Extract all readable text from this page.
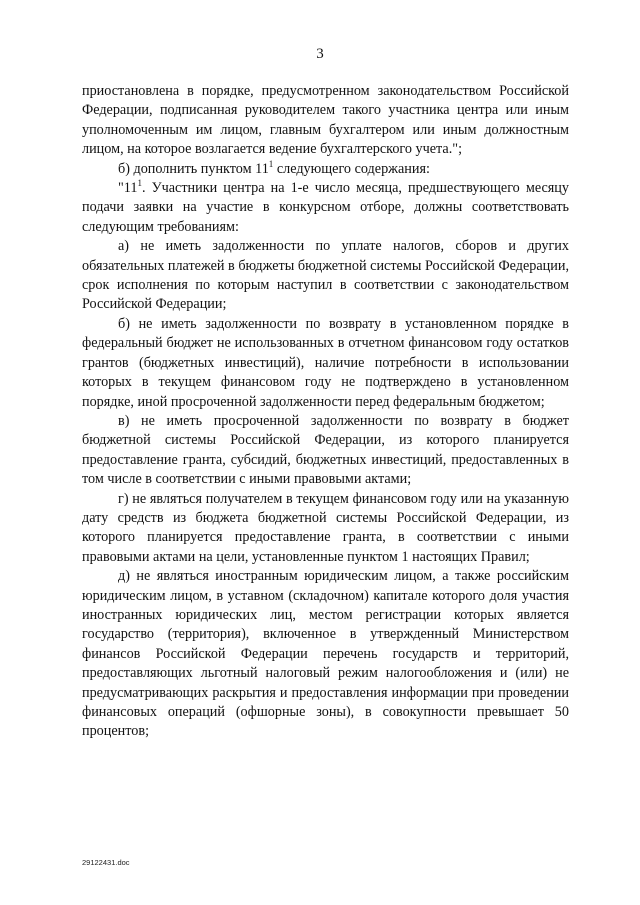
3

приостановлена в порядке, предусмотренном законодательством Российской Федерации, подписанная руководителем такого участника центра или иным уполномоченным им лицом, главным бухгалтером или иным должностным лицом, на которое возлагается ведение бухгалтерского учета.";

б) дополнить пунктом $11^1$ следующего содержания:

"$11^1$. Участники центра на 1-е число месяца, предшествующего месяцу подачи заявки на участие в конкурсном отборе, должны соответствовать следующим требованиям:

а) не иметь задолженности по уплате налогов, сборов и других обязательных платежей в бюджеты бюджетной системы Российской Федерации, срок исполнения по которым наступил в соответствии с законодательством Российской Федерации;

б) не иметь задолженности по возврату в установленном порядке в федеральный бюджет не использованных в отчетном финансовом году остатков грантов (бюджетных инвестиций), наличие потребности в использовании которых в текущем финансовом году не подтверждено в установленном порядке, иной просроченной задолженности перед федеральным бюджетом;

в) не иметь просроченной задолженности по возврату в бюджет бюджетной системы Российской Федерации, из которого планируется предоставление гранта, субсидий, бюджетных инвестиций, предоставленных в том числе в соответствии с иными правовыми актами;

г) не являться получателем в текущем финансовом году или на указанную дату средств из бюджета бюджетной системы Российской Федерации, из которого планируется предоставление гранта, в соответствии с иными правовыми актами на цели, установленные пунктом 1 настоящих Правил;

д) не являться иностранным юридическим лицом, а также российским юридическим лицом, в уставном (складочном) капитале которого доля участия иностранных юридических лиц, местом регистрации которых является государство (территория), включенное в утвержденный Министерством финансов Российской Федерации перечень государств и территорий, предоставляющих льготный налоговый режим налогообложения и (или) не предусматривающих раскрытия и предоставления информации при проведении финансовых операций (офшорные зоны), в совокупности превышает 50 процентов;

29122431.doc
